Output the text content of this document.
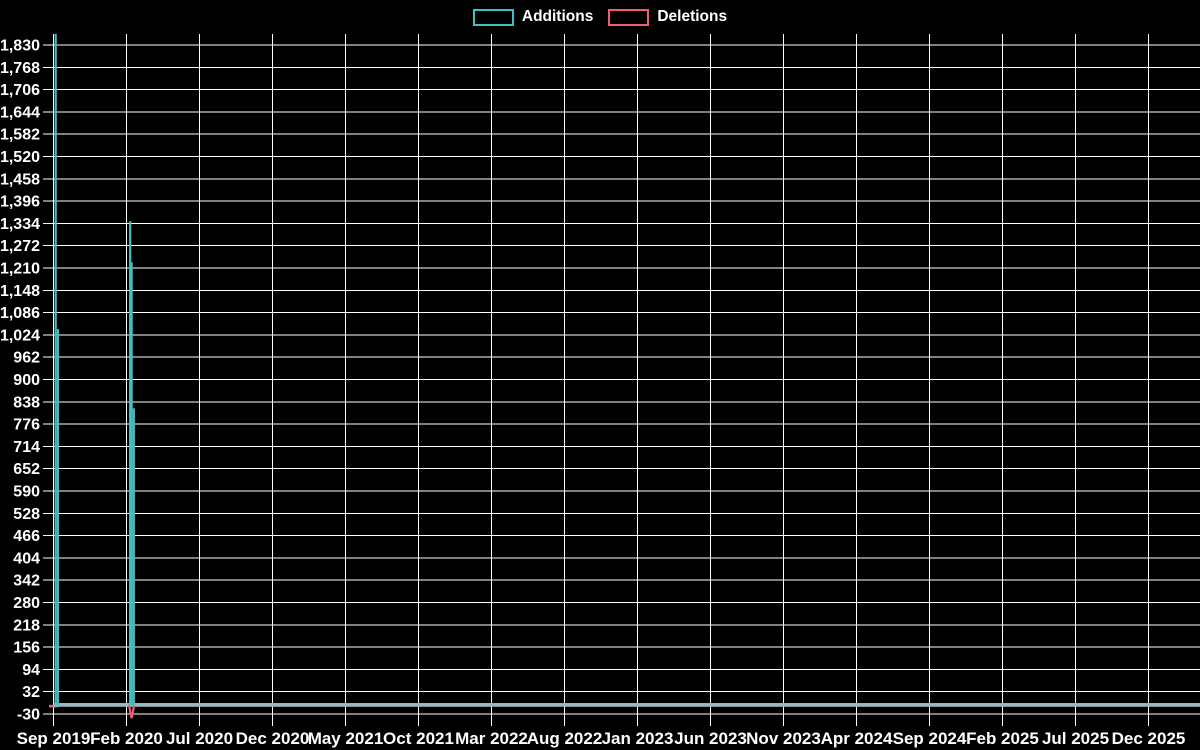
Additions	Deletions
-30
32
94
156
218
280
342
404
466
528
590
652
714
776
838
900
962
1,024
1,086
1,148
1,210
1,272
1,334
1,396
1,458
1,520
1,582
1,644
1,706
1,768
1,830
Sep 2019 Feb 2020 Jul 2020 Dec 2020
May 2021 Oct 2021 Mar 2022
Aug 2022 Jan 2023 Jun 2023 Nov 2023 Apr 2024 Sep 2024 Feb 2025 Jul 2025 Dec 2025
